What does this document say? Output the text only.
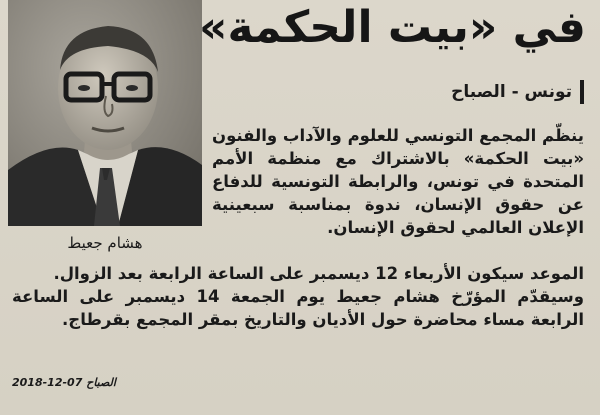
هشام جعيط
في «بيت الحكمة»
تونس - الصباح

ينظّم المجمع التونسي للعلوم والآداب والفنون «بيت الحكمة» بالاشتراك مع منظمة الأمم المتحدة في تونس، والرابطة التونسية للدفاع عن حقوق الإنسان، ندوة بمناسبة سبعينية الإعلان العالمي لحقوق الإنسان.

الموعد سيكون الأربعاء 12 ديسمبر على الساعة الرابعة بعد الزوال.

وسيقدّم المؤرّخ هشام جعيط يوم الجمعة 14 ديسمبر على الساعة الرابعة مساء محاضرة حول الأديان والتاريخ بمقر المجمع بقرطاج.

2018-12-07 الصباح
